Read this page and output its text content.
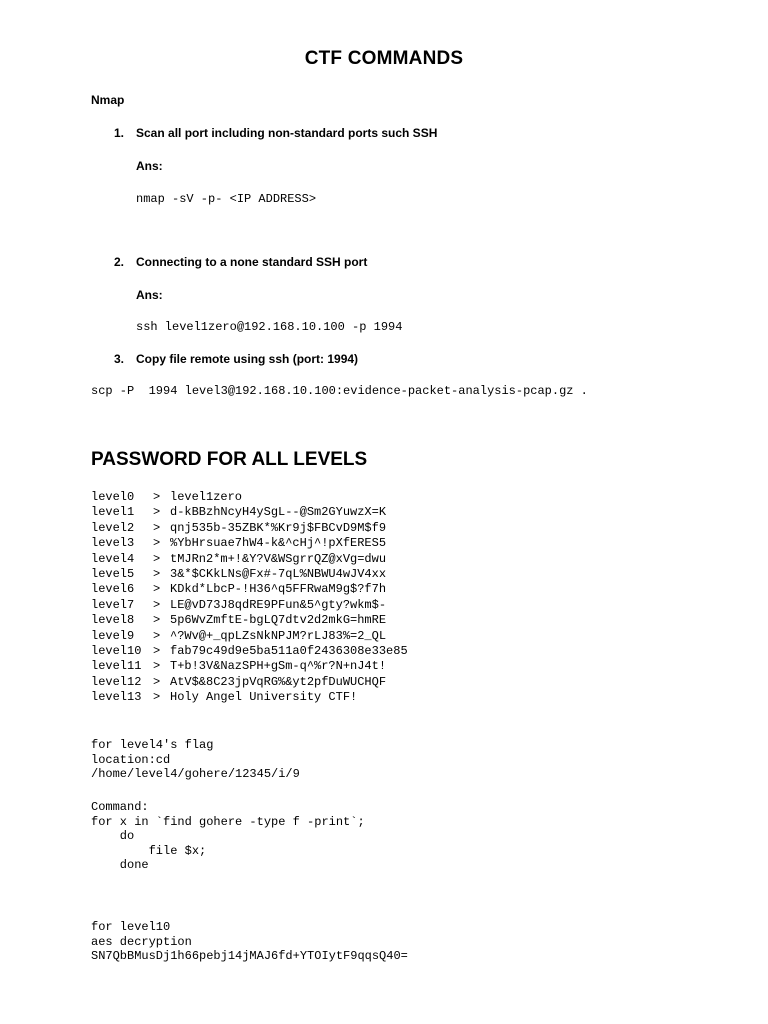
CTF COMMANDS
Nmap
1. Scan all port including non-standard ports such SSH
Ans:
nmap -sV -p- <IP ADDRESS>
2. Connecting to a none standard SSH port
Ans:
ssh level1zero@192.168.10.100 -p 1994
3. Copy file remote using ssh (port: 1994)
scp -P  1994 level3@192.168.10.100:evidence-packet-analysis-pcap.gz .
PASSWORD FOR ALL LEVELS
level0 > level1zero
level1 > d-kBBzhNcyH4ySgL--@Sm2GYuwzX=K
level2 > qnj535b-35ZBK*%Kr9j$FBCvD9M$f9
level3 > %YbHrsuae7hW4-k&^cHj^!pXfERES5
level4 > tMJRn2*m+!&Y?V&WSgrrQZ@xVg=dwu
level5 > 3&*$CKkLNs@Fx#-7qL%NBWU4wJV4xx
level6 > KDkd*LbcP-!H36^q5FFRwaM9g$?f7h
level7 > LE@vD73J8qdRE9PFun&5^gty?wkm$-
level8 > 5p6WvZmftE-bgLQ7dtv2d2mkG=hmRE
level9 > ^?Wv@+_qpLZsNkNPJM?rLJ83%=2_QL
level10 > fab79c49d9e5ba511a0f2436308e33e85
level11 > T+b!3V&NazSPH+gSm-q^%r?N+nJ4t!
level12 > AtV$&8C23jpVqRG%&yt2pfDuWUCHQF
level13 > Holy Angel University CTF!
for level4's flag
location:cd
/home/level4/gohere/12345/i/9
Command:
for x in `find gohere -type f -print`;
do
file $x;
done
for level10
aes decryption
SN7QbBMusDj1h66pebj14jMAJ6fd+YTOIytF9qqsQ40=
